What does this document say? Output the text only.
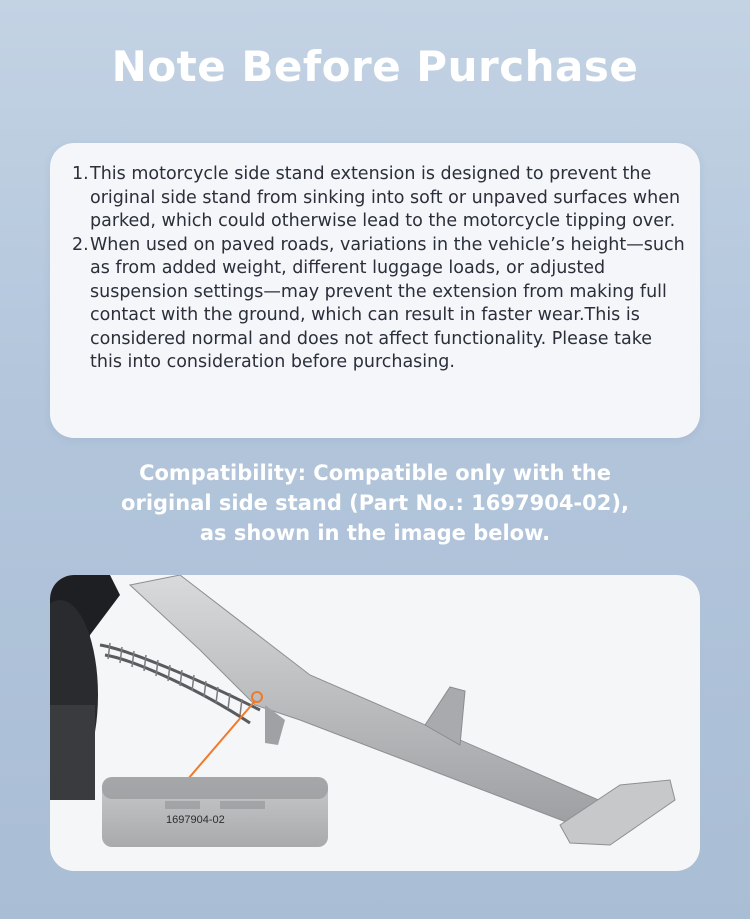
Note Before Purchase
1. This motorcycle side stand extension is designed to prevent the original side stand from sinking into soft or unpaved surfaces when parked, which could otherwise lead to the motorcycle tipping over.
2. When used on paved roads, variations in the vehicle’s height—such as from added weight, different luggage loads, or adjusted suspension settings—may prevent the extension from making full contact with the ground, which can result in faster wear.This is considered normal and does not affect functionality. Please take this into consideration before purchasing.
Compatibility: Compatible only with the
original side stand (Part No.: 1697904-02),
as shown in the image below.
1697904-02
